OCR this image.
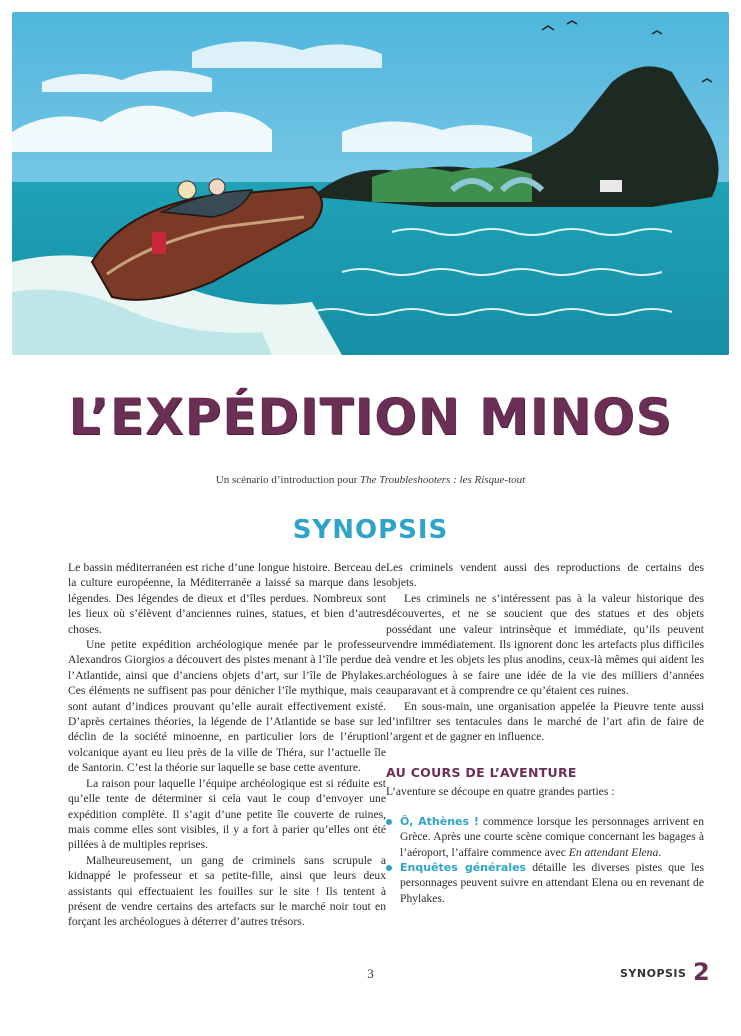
L’EXPÉDITION MINOS
Un scénario d’introduction pour The Troubleshooters : les Risque-tout
SYNOPSIS

Le bassin méditerranéen est riche d’une longue histoire. Berceau de la culture européenne, la Méditerranée a laissé sa marque dans les légendes. Des légendes de dieux et d’îles perdues. Nombreux sont les lieux où s’élèvent d’anciennes ruines, statues, et bien d’autres choses.

Une petite expédition archéologique menée par le professeur Alexandros Giorgios a découvert des pistes menant à l’île perdue de l’Atlantide, ainsi que d’anciens objets d’art, sur l’île de Phylakes. Ces éléments ne suffisent pas pour dénicher l’île mythique, mais ce sont autant d’indices prouvant qu’elle aurait effectivement existé. D’après certaines théories, la légende de l’Atlantide se base sur le déclin de la société minoenne, en particulier lors de l’éruption volcanique ayant eu lieu près de la ville de Théra, sur l’actuelle île de Santorin. C’est la théorie sur laquelle se base cette aventure.

La raison pour laquelle l’équipe archéologique est si réduite est qu’elle tente de déterminer si cela vaut le coup d’envoyer une expédition complète. Il s’agit d’une petite île couverte de ruines, mais comme elles sont visibles, il y a fort à parier qu’elles ont été pillées à de multiples reprises.

Malheureusement, un gang de criminels sans scrupule a kidnappé le professeur et sa petite-fille, ainsi que leurs deux assistants qui effectuaient les fouilles sur le site ! Ils tentent à présent de vendre certains des artefacts sur le marché noir tout en forçant les archéologues à déterrer d’autres trésors.

Les criminels vendent aussi des reproductions de certains des objets.

Les criminels ne s’intéressent pas à la valeur historique des découvertes, et ne se soucient que des statues et des objets possédant une valeur intrinsèque et immédiate, qu’ils peuvent vendre immédiatement. Ils ignorent donc les artefacts plus difficiles à vendre et les objets les plus anodins, ceux-là mêmes qui aident les archéologues à se faire une idée de la vie des milliers d’années auparavant et à comprendre ce qu’étaient ces ruines.

En sous-main, une organisation appelée la Pieuvre tente aussi d’infiltrer ses tentacules dans le marché de l’art afin de faire de l’argent et de gagner en influence.

AU COURS DE L’AVENTURE

L’aventure se découpe en quatre grandes parties :

Ô, Athènes ! commence lorsque les personnages arrivent en Grèce. Après une courte scène comique concernant les bagages à l’aéroport, l’affaire commence avec En attendant Elena.
Enquêtes générales détaille les diverses pistes que les personnages peuvent suivre en attendant Elena ou en revenant de Phylakes.
3	SYNOPSIS 2
